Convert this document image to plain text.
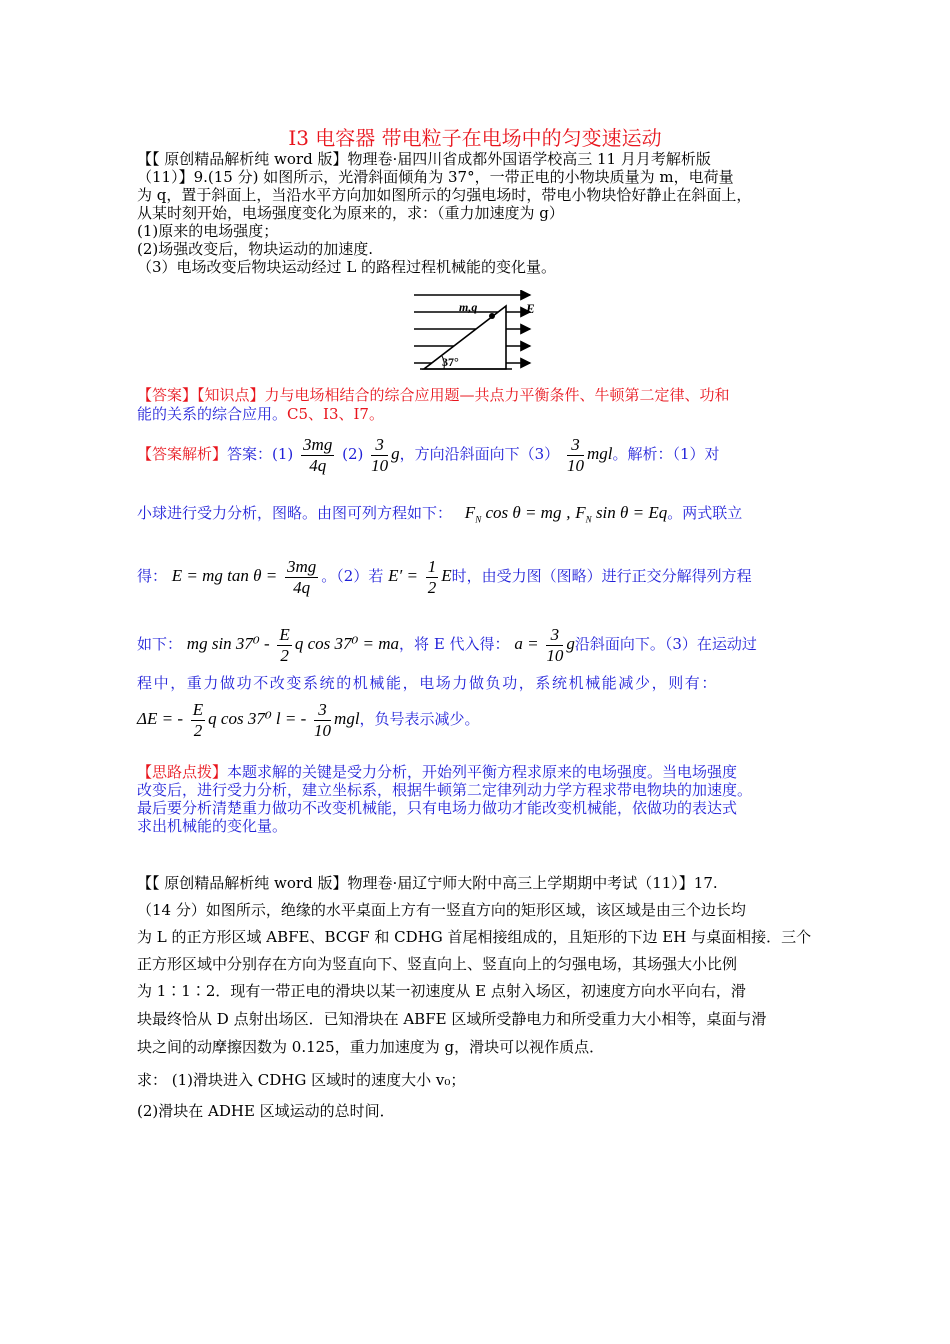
I3 电容器 带电粒子在电场中的匀变速运动
【【 原创精品解析纯 word 版】物理卷·届四川省成都外国语学校高三 11 月月考解析版
（11）】9.(15 分) 如图所示，光滑斜面倾角为 37°，一带正电的小物块质量为 m，电荷量
为 q，置于斜面上，当沿水平方向加如图所示的匀强电场时，带电小物块恰好静止在斜面上，
从某时刻开始，电场强度变化为原来的，求：（重力加速度为 g）
(1)原来的电场强度；
(2)场强改变后，物块运动的加速度.
（3）电场改变后物块运动经过 L 的路程过程机械能的变化量。
m,q	E
37°
【答案】【知识点】力与电场相结合的综合应用题—共点力平衡条件、牛顿第二定律、功和
能的关系的综合应用。C5、I3、I7。
【答案解析】答案：$(1) \frac{3mg}{4q} (2) \frac{3}{10}$ g，方向沿斜面向下$(3) \frac{3}{10}$ mgl。解析：（1）对
小球进行受力分析，图略。由图可列方程如下： $F_N$ cos θ = mg , $F_N$ sin θ = Eq。两式联立
得： E = mg $\tan \theta = \frac{3mg}{4q}$ 。（2）若 $E' = \frac{1}{2}$ E时，由受力图（图略）进行正交分解得列方程
如下： mg $\sin 37^0 - \frac{E}{2}$ q cos 37⁰ = ma，将 E 代入得： $a = \frac{3}{10}$ g沿斜面向下。（3）在运动过
程中，重力做功不改变系统的机械能，电场力做负功，系统机械能减少，则有：
ΔE = - $\frac{E}{2}$ q cos 37⁰ l = - $\frac{3}{10}$ mgl，负号表示减少。
【思路点拨】本题求解的关键是受力分析，开始列平衡方程求原来的电场强度。当电场强度
改变后，进行受力分析，建立坐标系，根据牛顿第二定律列动力学方程求带电物块的加速度。
最后要分析清楚重力做功不改变机械能，只有电场力做功才能改变机械能，依做功的表达式
求出机械能的变化量。
【【 原创精品解析纯 word 版】物理卷·届辽宁师大附中高三上学期期中考试（11）】17.
（14 分）如图所示，绝缘的水平桌面上方有一竖直方向的矩形区域，该区域是由三个边长均
为 L 的正方形区域 ABFE、BCGF 和 CDHG 首尾相接组成的，且矩形的下边 EH 与桌面相接．三个
正方形区域中分别存在方向为竖直向下、竖直向上、竖直向上的匀强电场，其场强大小比例
为 1∶1∶2．现有一带正电的滑块以某一初速度从 E 点射入场区，初速度方向水平向右，滑
块最终恰从 D 点射出场区．已知滑块在 ABFE 区域所受静电力和所受重力大小相等，桌面与滑
块之间的动摩擦因数为 0.125，重力加速度为 g，滑块可以视作质点．
求： (1)滑块进入 CDHG 区域时的速度大小 v₀；
(2)滑块在 ADHE 区域运动的总时间．
